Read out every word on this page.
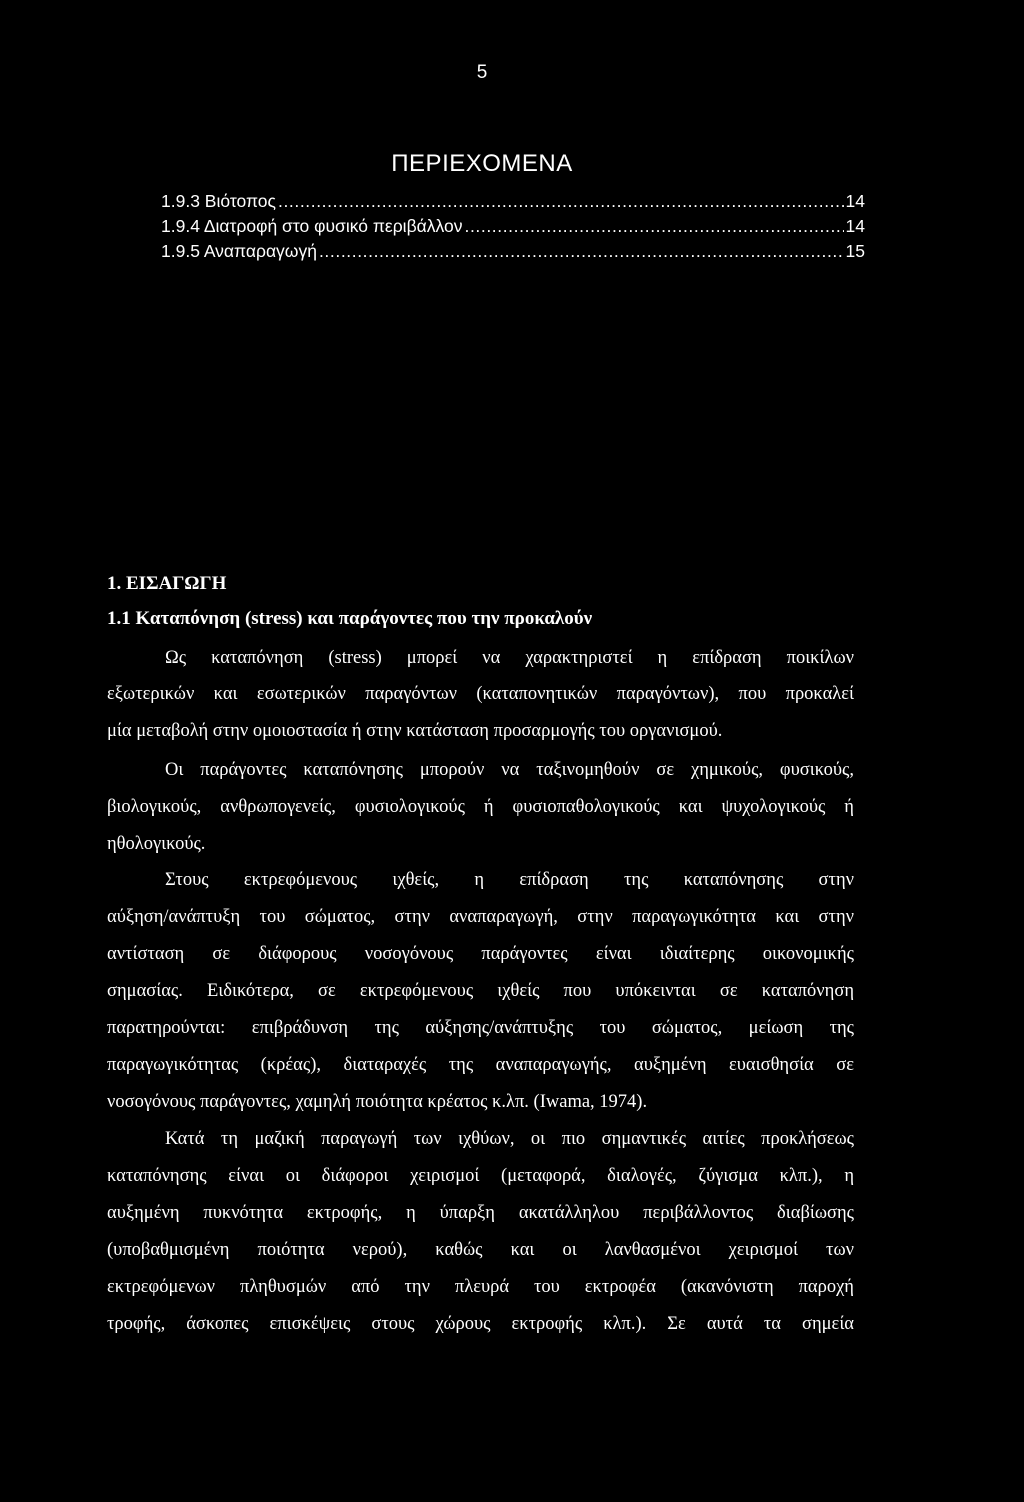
5
ΠΕΡΙΕΧΟΜΕΝΑ
1.9.3 Βιότοπος .....	14
1.9.4 Διατροφή στο φυσικό περιβάλλον .....	14
1.9.5 Αναπαραγωγή .....	15
1. ΕΙΣΑΓΩΓΗ
1.1 Καταπόνηση (stress) και παράγοντες που την προκαλούν
Ως καταπόνηση (stress) μπορεί να χαρακτηριστεί η επίδραση ποικίλων
εξωτερικών και εσωτερικών παραγόντων (καταπονητικών παραγόντων), που προκαλεί
μία μεταβολή στην ομοιοστασία ή στην κατάσταση προσαρμογής του οργανισμού.
Οι παράγοντες καταπόνησης μπορούν να ταξινομηθούν σε χημικούς, φυσικούς,
βιολογικούς, ανθρωπογενείς, φυσιολογικούς ή φυσιοπαθολογικούς και ψυχολογικούς ή
ηθολογικούς.
Στους εκτρεφόμενους ιχθείς, η επίδραση της καταπόνησης στην
αύξηση/ανάπτυξη του σώματος, στην αναπαραγωγή, στην παραγωγικότητα και στην
αντίσταση σε διάφορους νοσογόνους παράγοντες είναι ιδιαίτερης οικονομικής
σημασίας. Ειδικότερα, σε εκτρεφόμενους ιχθείς που υπόκεινται σε καταπόνηση
παρατηρούνται: επιβράδυνση της αύξησης/ανάπτυξης του σώματος, μείωση της
παραγωγικότητας (κρέας), διαταραχές της αναπαραγωγής, αυξημένη ευαισθησία σε
νοσογόνους παράγοντες, χαμηλή ποιότητα κρέατος κ.λπ. (Iwama, 1974).
Κατά τη μαζική παραγωγή των ιχθύων, οι πιο σημαντικές αιτίες προκλήσεως
καταπόνησης είναι οι διάφοροι χειρισμοί (μεταφορά, διαλογές, ζύγισμα κλπ.), η
αυξημένη πυκνότητα εκτροφής, η ύπαρξη ακατάλληλου περιβάλλοντος διαβίωσης
(υποβαθμισμένη ποιότητα νερού), καθώς και οι λανθασμένοι χειρισμοί των
εκτρεφόμενων πληθυσμών από την πλευρά του εκτροφέα (ακανόνιστη παροχή
τροφής, άσκοπες επισκέψεις στους χώρους εκτροφής κλπ.). Σε αυτά τα σημεία
